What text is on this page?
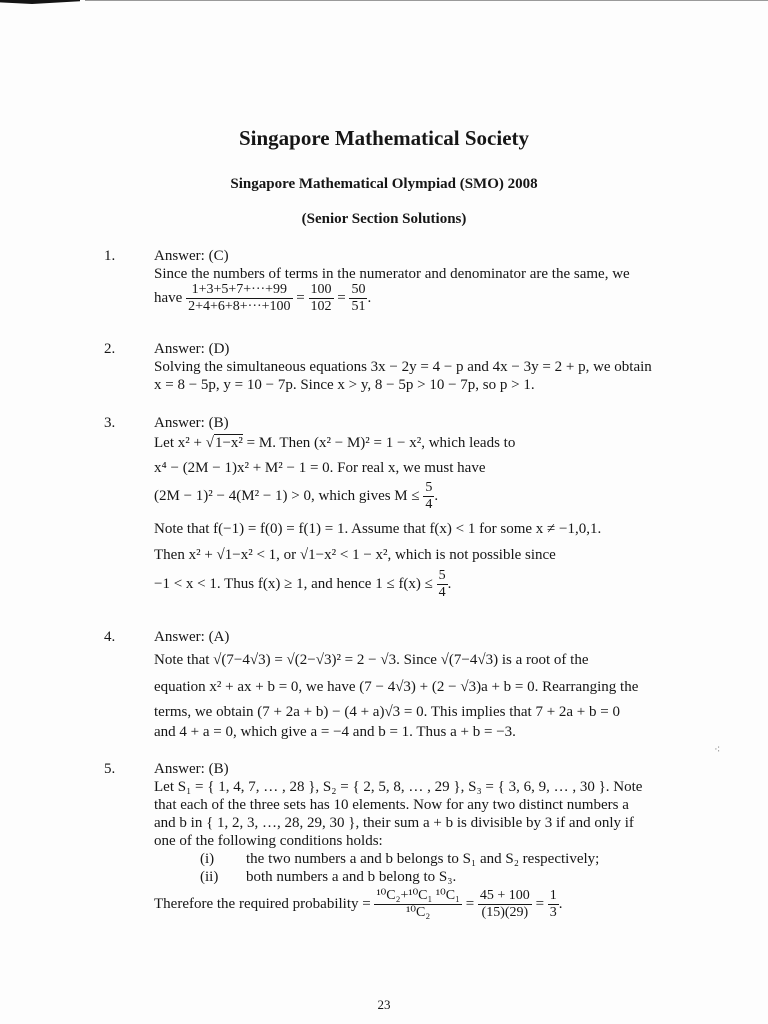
⁖
Singapore Mathematical Society
Singapore Mathematical Olympiad (SMO) 2008
(Senior Section Solutions)
1.	Answer: (C)
Since the numbers of terms in the numerator and denominator are the same, we
have $\frac{1+3+5+7+\cdot\cdot\cdot+99}{2+4+6+8+\cdot\cdot\cdot+100} = \frac{100}{102} = \frac{50}{51}$ .
2.	Answer: (D)
Solving the simultaneous equations 3x − 2y = 4 − p and 4x − 3y = 2 + p, we obtain
x = 8 − 5p, y = 10 − 7p. Since x > y, 8 − 5p > 10 − 7p, so p > 1.
3.	Answer: (B)
Let x² + √1−x² = M. Then (x² − M)² = 1 − x², which leads to
x⁴ − (2M − 1)x² + M² − 1 = 0. For real x, we must have
(2M − 1)² − 4(M² − 1) > 0, which gives $M \le \frac{5}{4}$ .
Note that f(−1) = f(0) = f(1) = 1. Assume that f(x) < 1 for some x ≠ −1,0,1.
Then x² + √1−x² < 1, or √1−x² < 1 − x², which is not possible since
−1 < x < 1. Thus f(x) ≥ 1, and hence $1 \le f(x) \le \frac{5}{4}$ .
4.	Answer: (A)
Note that √(7−4√3) = √(2−√3)² = 2 − √3. Since √(7−4√3) is a root of the
equation x² + ax + b = 0, we have (7 − 4√3) + (2 − √3)a + b = 0. Rearranging the
terms, we obtain (7 + 2a + b) − (4 + a)√3 = 0. This implies that 7 + 2a + b = 0
and 4 + a = 0, which give a = −4 and b = 1. Thus a + b = −3.
5.	Answer: (B)
Let S₁ = { 1, 4, 7, … , 28 }, S₂ = { 2, 5, 8, … , 29 }, S₃ = { 3, 6, 9, … , 30 }. Note
that each of the three sets has 10 elements. Now for any two distinct numbers a
and b in { 1, 2, 3, …, 28, 29, 30 }, their sum a + b is divisible by 3 if and only if
one of the following conditions holds:
(i) the two numbers a and b belongs to S₁ and S₂ respectively;
(ii) both numbers a and b belong to S₃.
Therefore the required probability = $\frac{\text{¹⁰C₂+¹⁰C₁ ¹⁰C₁}}{\text{¹⁰C₂}} = \frac{45 + 100}{(15)(29)} = \frac{1}{3}$ .
23
